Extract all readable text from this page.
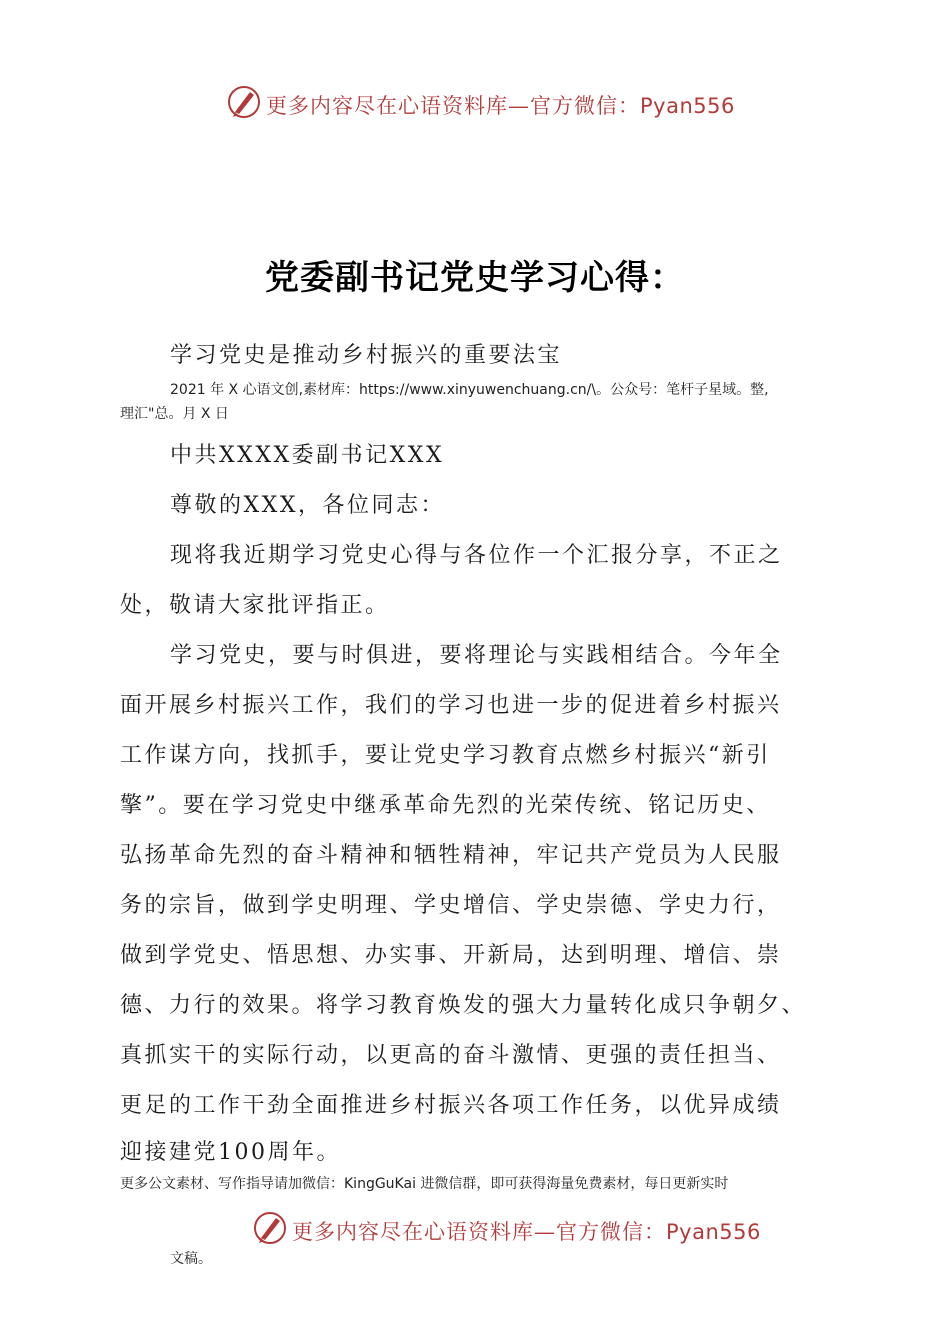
更多内容尽在心语资料库—官方微信：Pyan556
党委副书记党史学习心得：
学习党史是推动乡村振兴的重要法宝
2021 年 X 心语文创,素材库：https://www.xinyuwenchuang.cn/\。公众号：笔杆子星域。整,
理汇"总。月 X 日
中共XXXX委副书记XXX
尊敬的XXX，各位同志：
现将我近期学习党史心得与各位作一个汇报分享，不正之
处，敬请大家批评指正。
学习党史，要与时俱进，要将理论与实践相结合。今年全
面开展乡村振兴工作，我们的学习也进一步的促进着乡村振兴
工作谋方向，找抓手，要让党史学习教育点燃乡村振兴“新引
擎”。要在学习党史中继承革命先烈的光荣传统、铭记历史、
弘扬革命先烈的奋斗精神和牺牲精神，牢记共产党员为人民服
务的宗旨，做到学史明理、学史增信、学史崇德、学史力行，
做到学党史、悟思想、办实事、开新局，达到明理、增信、崇
德、力行的效果。将学习教育焕发的强大力量转化成只争朝夕、
真抓实干的实际行动，以更高的奋斗激情、更强的责任担当、
更足的工作干劲全面推进乡村振兴各项工作任务，以优异成绩
迎接建党100周年。
更多公文素材、写作指导请加微信：KingGuKai 进微信群，即可获得海量免费素材，每日更新实时
更多内容尽在心语资料库—官方微信：Pyan556
文稿。
